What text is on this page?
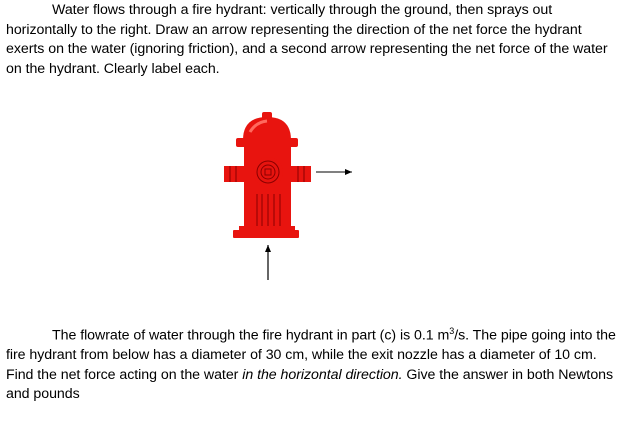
Water flows through a fire hydrant: vertically through the ground, then sprays out horizontally to the right. Draw an arrow representing the direction of the net force the hydrant exerts on the water (ignoring friction), and a second arrow representing the net force of the water on the hydrant. Clearly label each.

The flowrate of water through the fire hydrant in part (c) is 0.1 $m^3/s$. The pipe going into the fire hydrant from below has a diameter of 30 cm, while the exit nozzle has a diameter of 10 cm. Find the net force acting on the water in the horizontal direction. Give the answer in both Newtons and pounds
